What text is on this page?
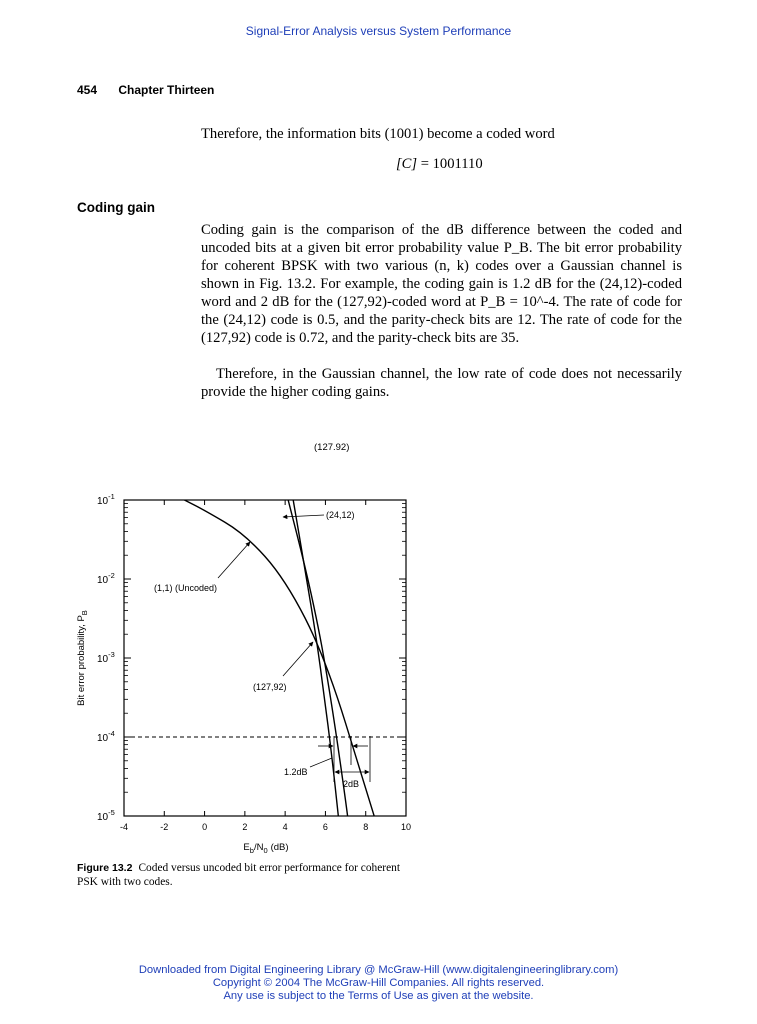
Signal-Error Analysis versus System Performance
454 Chapter Thirteen
Therefore, the information bits (1001) become a coded word
[C] = 1001110
Coding gain
Coding gain is the comparison of the dB difference between the coded and uncoded bits at a given bit error probability value P_B. The bit error probability for coherent BPSK with two various (n, k) codes over a Gaussian channel is shown in Fig. 13.2. For example, the coding gain is 1.2 dB for the (24,12)-coded word and 2 dB for the (127,92)-coded word at P_B = 10^-4. The rate of code for the (24,12) code is 0.5, and the parity-check bits are 12. The rate of code for the (127,92) code is 0.72, and the parity-check bits are 35.
Therefore, in the Gaussian channel, the low rate of code does not necessarily provide the higher coding gains.
(127.92)
-4	-2	0	2	4	6	8	10
$10^{-1}$
$10^{-2}$
$10^{-3}$
$10^{-4}$
$10^{-5}$
(1,1) (Uncoded)
(24,12)
(127,92)
1.2dB
2dB
Bit error probability, $P_B$
$E_b/N_0$ (dB)
Figure 13.2 Coded versus uncoded bit error performance for coherent PSK with two codes.
Downloaded from Digital Engineering Library @ McGraw-Hill (www.digitalengineeringlibrary.com)
Copyright © 2004 The McGraw-Hill Companies. All rights reserved.
Any use is subject to the Terms of Use as given at the website.
